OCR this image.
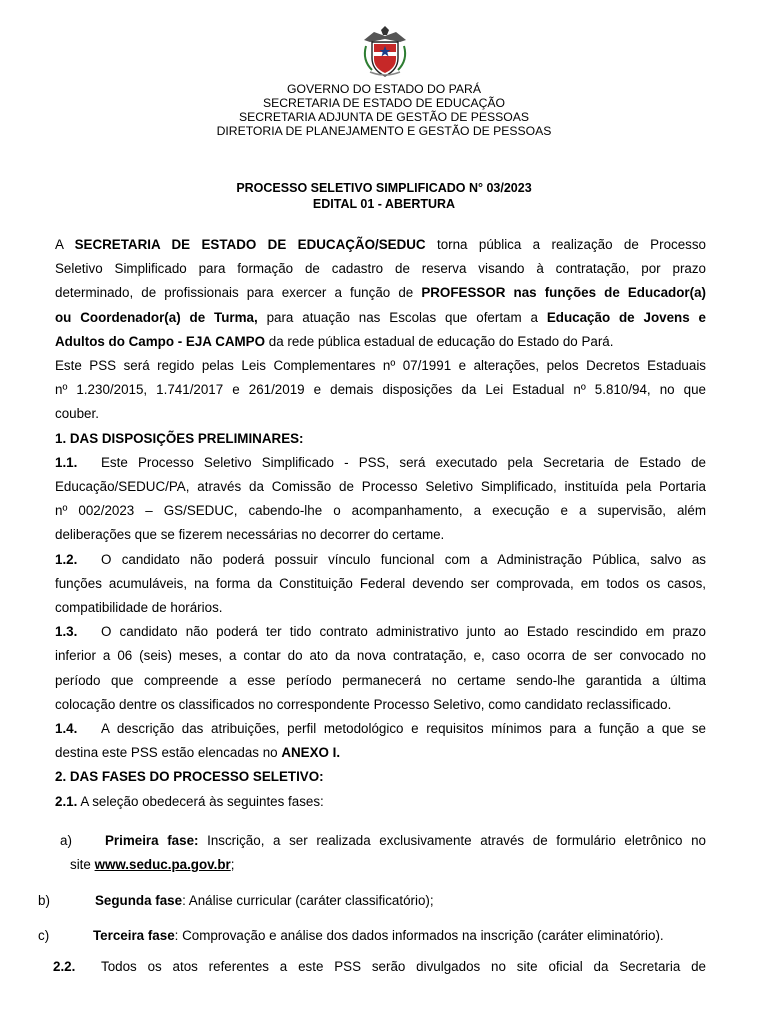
GOVERNO DO ESTADO DO PARÁ
SECRETARIA DE ESTADO DE EDUCAÇÃO
SECRETARIA ADJUNTA DE GESTÃO DE PESSOAS
DIRETORIA DE PLANEJAMENTO E GESTÃO DE PESSOAS
PROCESSO SELETIVO SIMPLIFICADO N° 03/2023
EDITAL 01 - ABERTURA

A SECRETARIA DE ESTADO DE EDUCAÇÃO/SEDUC torna pública a realização de Processo
Seletivo Simplificado para formação de cadastro de reserva visando à contratação, por prazo
determinado, de profissionais para exercer a função de PROFESSOR nas funções de Educador(a)
ou Coordenador(a) de Turma, para atuação nas Escolas que ofertam a Educação de Jovens e
Adultos do Campo - EJA CAMPO da rede pública estadual de educação do Estado do Pará.
Este PSS será regido pelas Leis Complementares nº 07/1991 e alterações, pelos Decretos Estaduais
nº 1.230/2015, 1.741/2017 e 261/2019 e demais disposições da Lei Estadual nº 5.810/94, no que
couber.

1. DAS DISPOSIÇÕES PRELIMINARES:

1.1. Este Processo Seletivo Simplificado - PSS, será executado pela Secretaria de Estado de
Educação/SEDUC/PA, através da Comissão de Processo Seletivo Simplificado, instituída pela Portaria
nº 002/2023 – GS/SEDUC, cabendo-lhe o acompanhamento, a execução e a supervisão, além
deliberações que se fizerem necessárias no decorrer do certame.

1.2. O candidato não poderá possuir vínculo funcional com a Administração Pública, salvo as
funções acumuláveis, na forma da Constituição Federal devendo ser comprovada, em todos os casos,
compatibilidade de horários.

1.3. O candidato não poderá ter tido contrato administrativo junto ao Estado rescindido em prazo
inferior a 06 (seis) meses, a contar do ato da nova contratação, e, caso ocorra de ser convocado no
período que compreende a esse período permanecerá no certame sendo-lhe garantida a última
colocação dentre os classificados no correspondente Processo Seletivo, como candidato reclassificado.

1.4. A descrição das atribuições, perfil metodológico e requisitos mínimos para a função a que se
destina este PSS estão elencadas no ANEXO I.

2. DAS FASES DO PROCESSO SELETIVO:

2.1. A seleção obedecerá às seguintes fases:

a) Primeira fase: Inscrição, a ser realizada exclusivamente através de formulário eletrônico no
site www.seduc.pa.gov.br;
b)	Segunda fase: Análise curricular (caráter classificatório);
c)	Terceira fase: Comprovação e análise dos dados informados na inscrição (caráter eliminatório).
2.2. Todos os atos referentes a este PSS serão divulgados no site oficial da Secretaria de
